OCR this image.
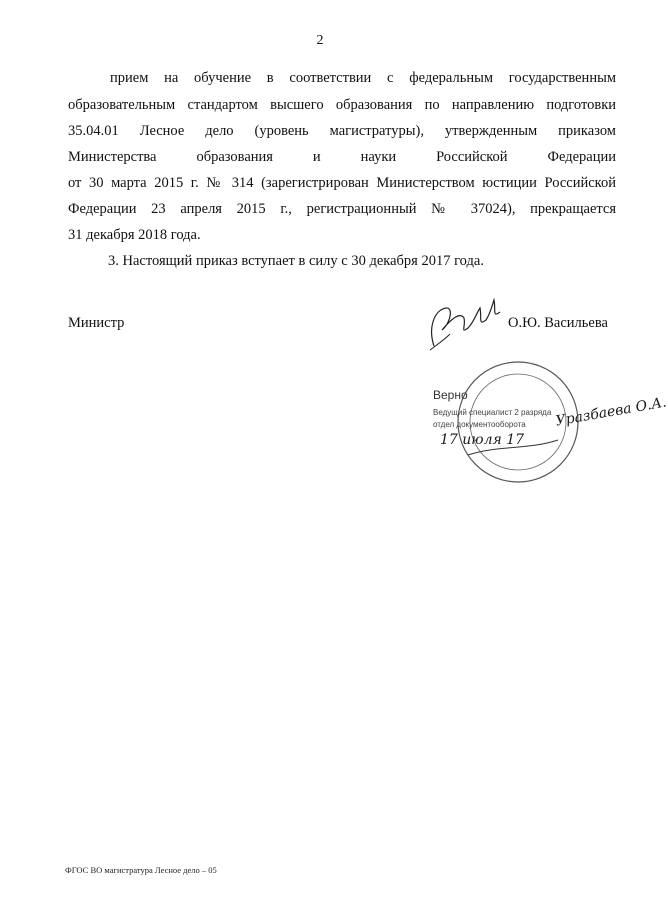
2
прием на обучение в соответствии с федеральным государственным
образовательным стандартом высшего образования по направлению подготовки
35.04.01 Лесное дело (уровень магистратуры), утвержденным приказом
Министерства образования и науки Российской Федерации
от 30 марта 2015 г. № 314 (зарегистрирован Министерством юстиции Российской
Федерации 23 апреля 2015 г., регистрационный № 37024), прекращается
31 декабря 2018 года.
3. Настоящий приказ вступает в силу с 30 декабря 2017 года.
Министр	О.Ю. Васильева
Верно
Ведущий специалист 2 разряда
отдел документооборота Уразбаева О.А.
17 июля 17
ФГОС ВО магистратура Лесное дело – 05
